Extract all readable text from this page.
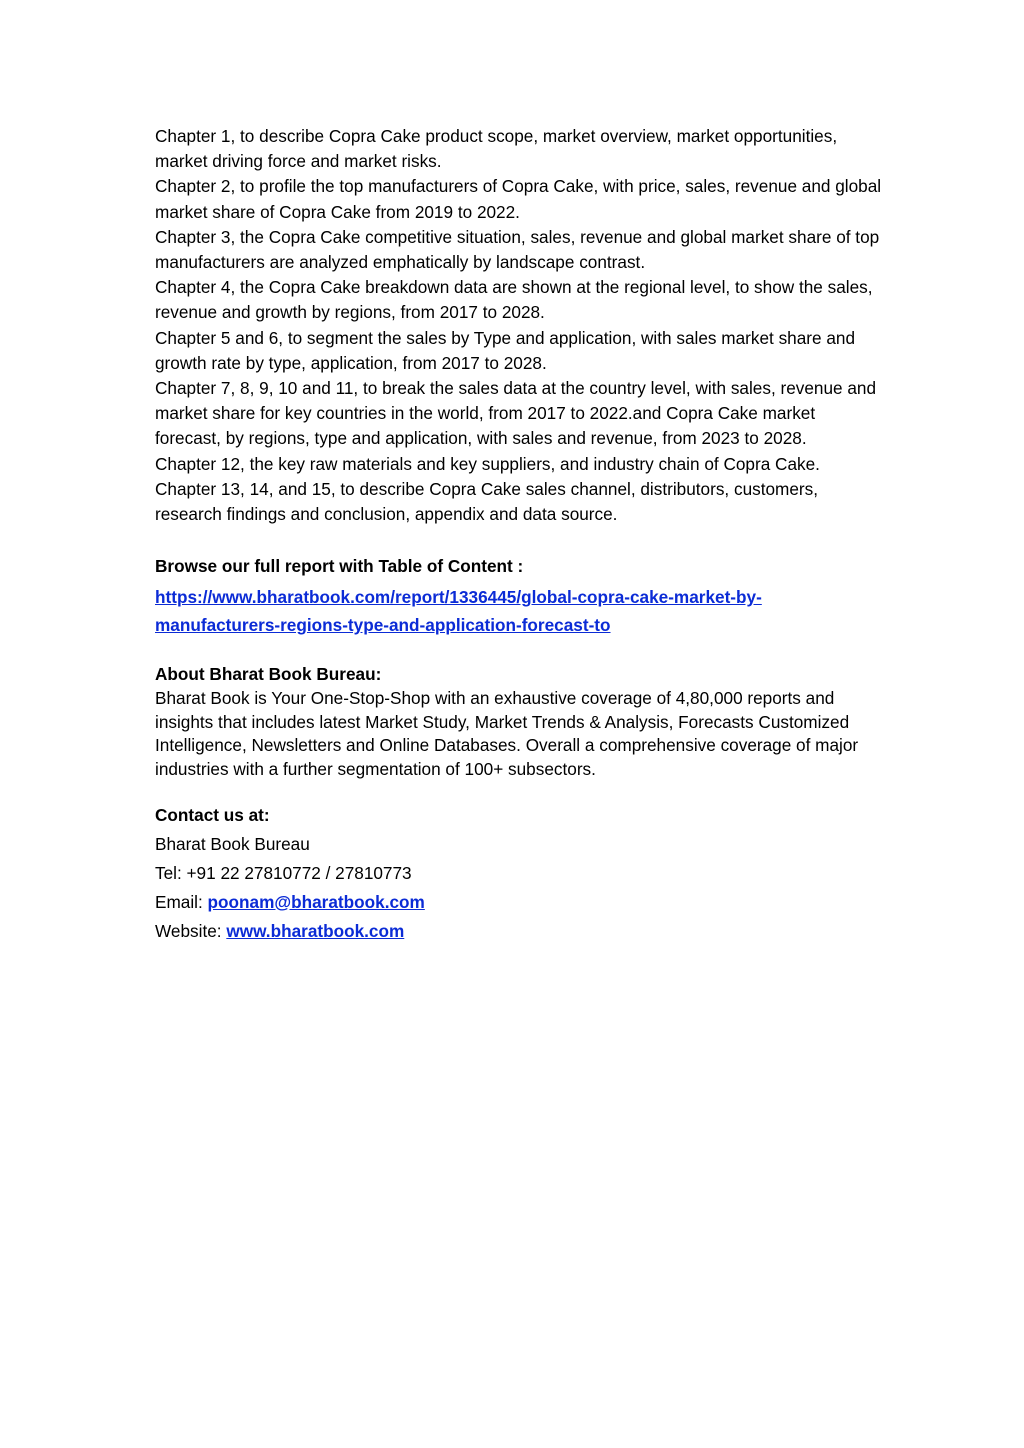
Chapter 1, to describe Copra Cake product scope, market overview, market opportunities, market driving force and market risks.

Chapter 2, to profile the top manufacturers of Copra Cake, with price, sales, revenue and global market share of Copra Cake from 2019 to 2022.

Chapter 3, the Copra Cake competitive situation, sales, revenue and global market share of top manufacturers are analyzed emphatically by landscape contrast.

Chapter 4, the Copra Cake breakdown data are shown at the regional level, to show the sales, revenue and growth by regions, from 2017 to 2028.

Chapter 5 and 6, to segment the sales by Type and application, with sales market share and growth rate by type, application, from 2017 to 2028.

Chapter 7, 8, 9, 10 and 11, to break the sales data at the country level, with sales, revenue and market share for key countries in the world, from 2017 to 2022.and Copra Cake market forecast, by regions, type and application, with sales and revenue, from 2023 to 2028.

Chapter 12, the key raw materials and key suppliers, and industry chain of Copra Cake.

Chapter 13, 14, and 15, to describe Copra Cake sales channel, distributors, customers, research findings and conclusion, appendix and data source.

Browse our full report with Table of Content :

https://www.bharatbook.com/report/1336445/global-copra-cake-market-by-
manufacturers-regions-type-and-application-forecast-to

About Bharat Book Bureau:

Bharat Book is Your One-Stop-Shop with an exhaustive coverage of 4,80,000 reports and insights that includes latest Market Study, Market Trends & Analysis, Forecasts Customized Intelligence, Newsletters and Online Databases. Overall a comprehensive coverage of major industries with a further segmentation of 100+ subsectors.

Contact us at:

Bharat Book Bureau

Tel: +91 22 27810772 / 27810773

Email: poonam@bharatbook.com

Website: www.bharatbook.com
